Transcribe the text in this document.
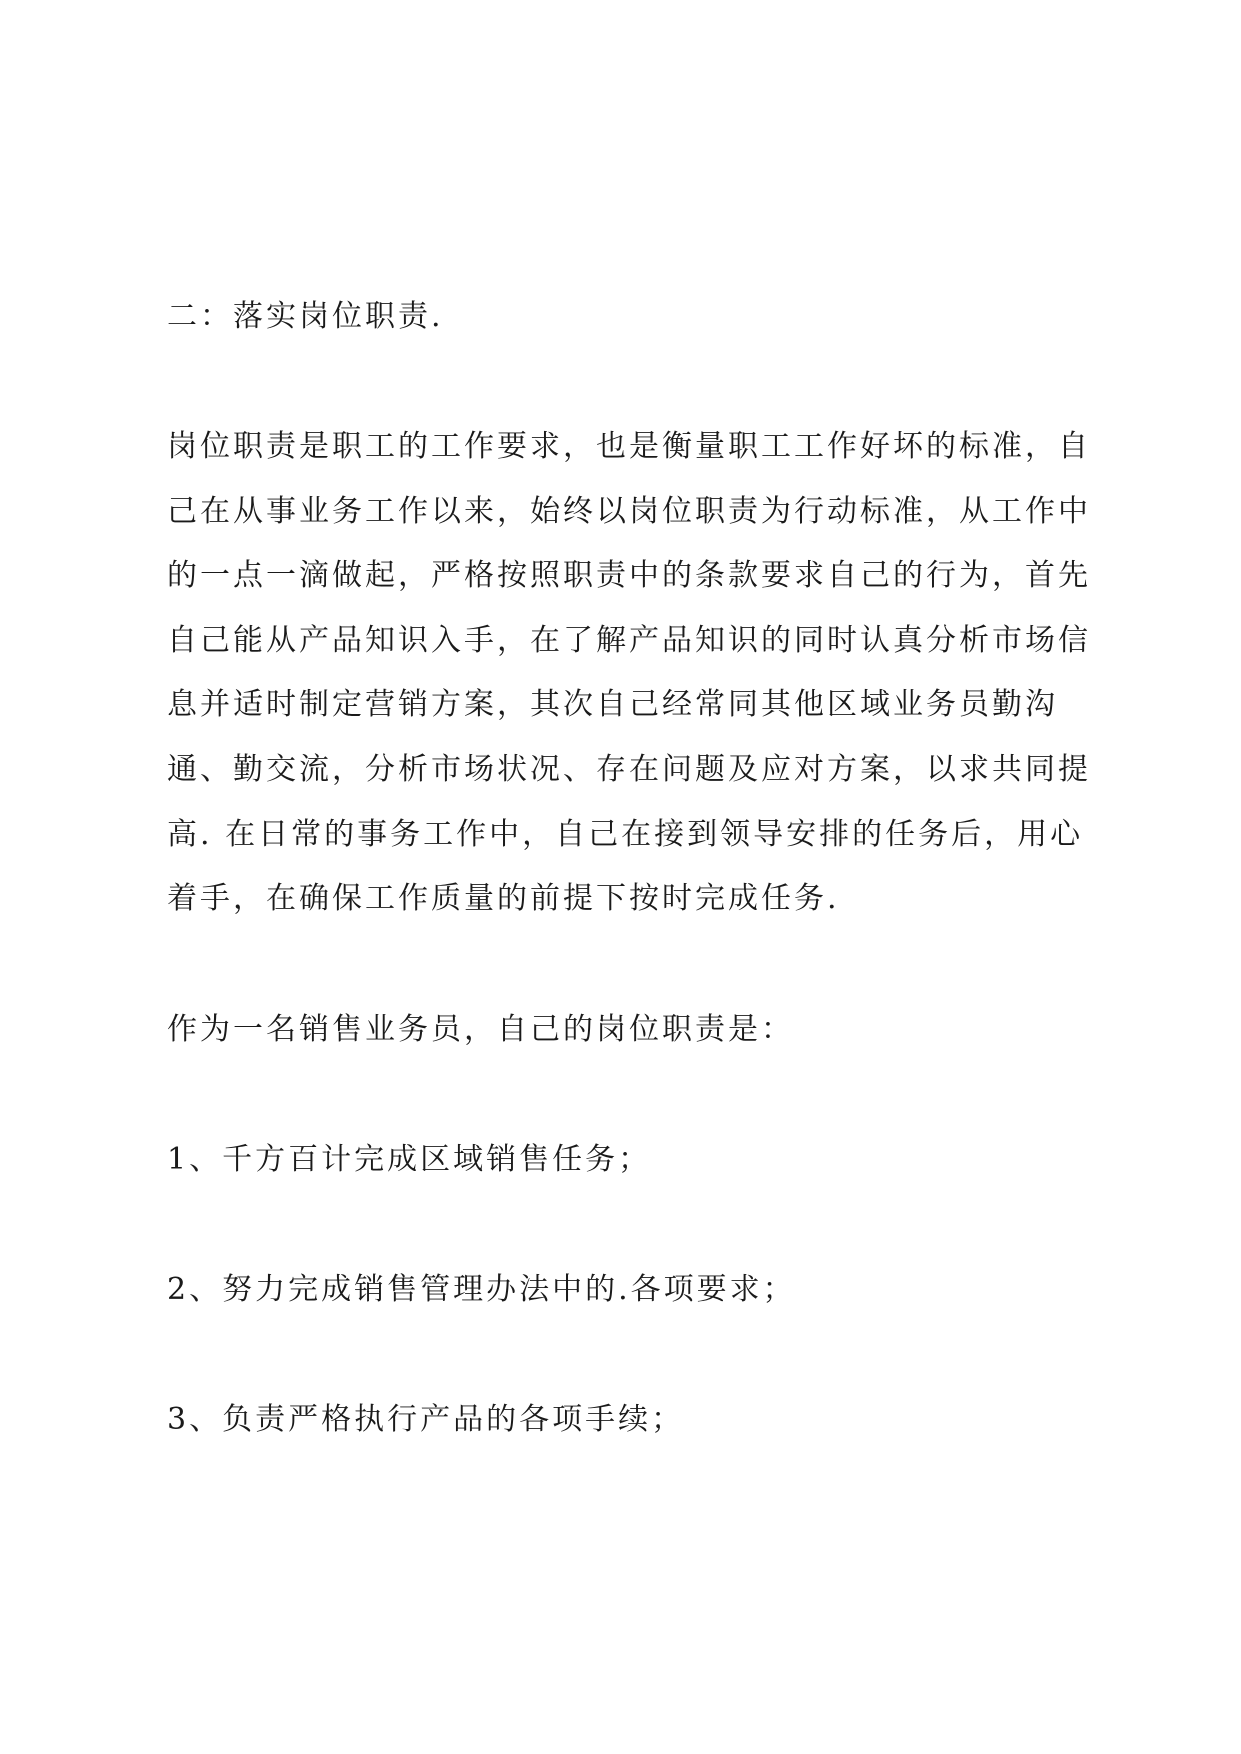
二：落实岗位职责.

岗位职责是职工的工作要求，也是衡量职工工作好坏的标准，自
己在从事业务工作以来，始终以岗位职责为行动标准，从工作中
的一点一滴做起，严格按照职责中的条款要求自己的行为，首先
自己能从产品知识入手，在了解产品知识的同时认真分析市场信
息并适时制定营销方案，其次自己经常同其他区域业务员勤沟
通、勤交流，分析市场状况、存在问题及应对方案，以求共同提
高. 在日常的事务工作中，自己在接到领导安排的任务后，用心
着手，在确保工作质量的前提下按时完成任务.

作为一名销售业务员，自己的岗位职责是：

1、千方百计完成区域销售任务；

2、努力完成销售管理办法中的.各项要求；

3、负责严格执行产品的各项手续；
